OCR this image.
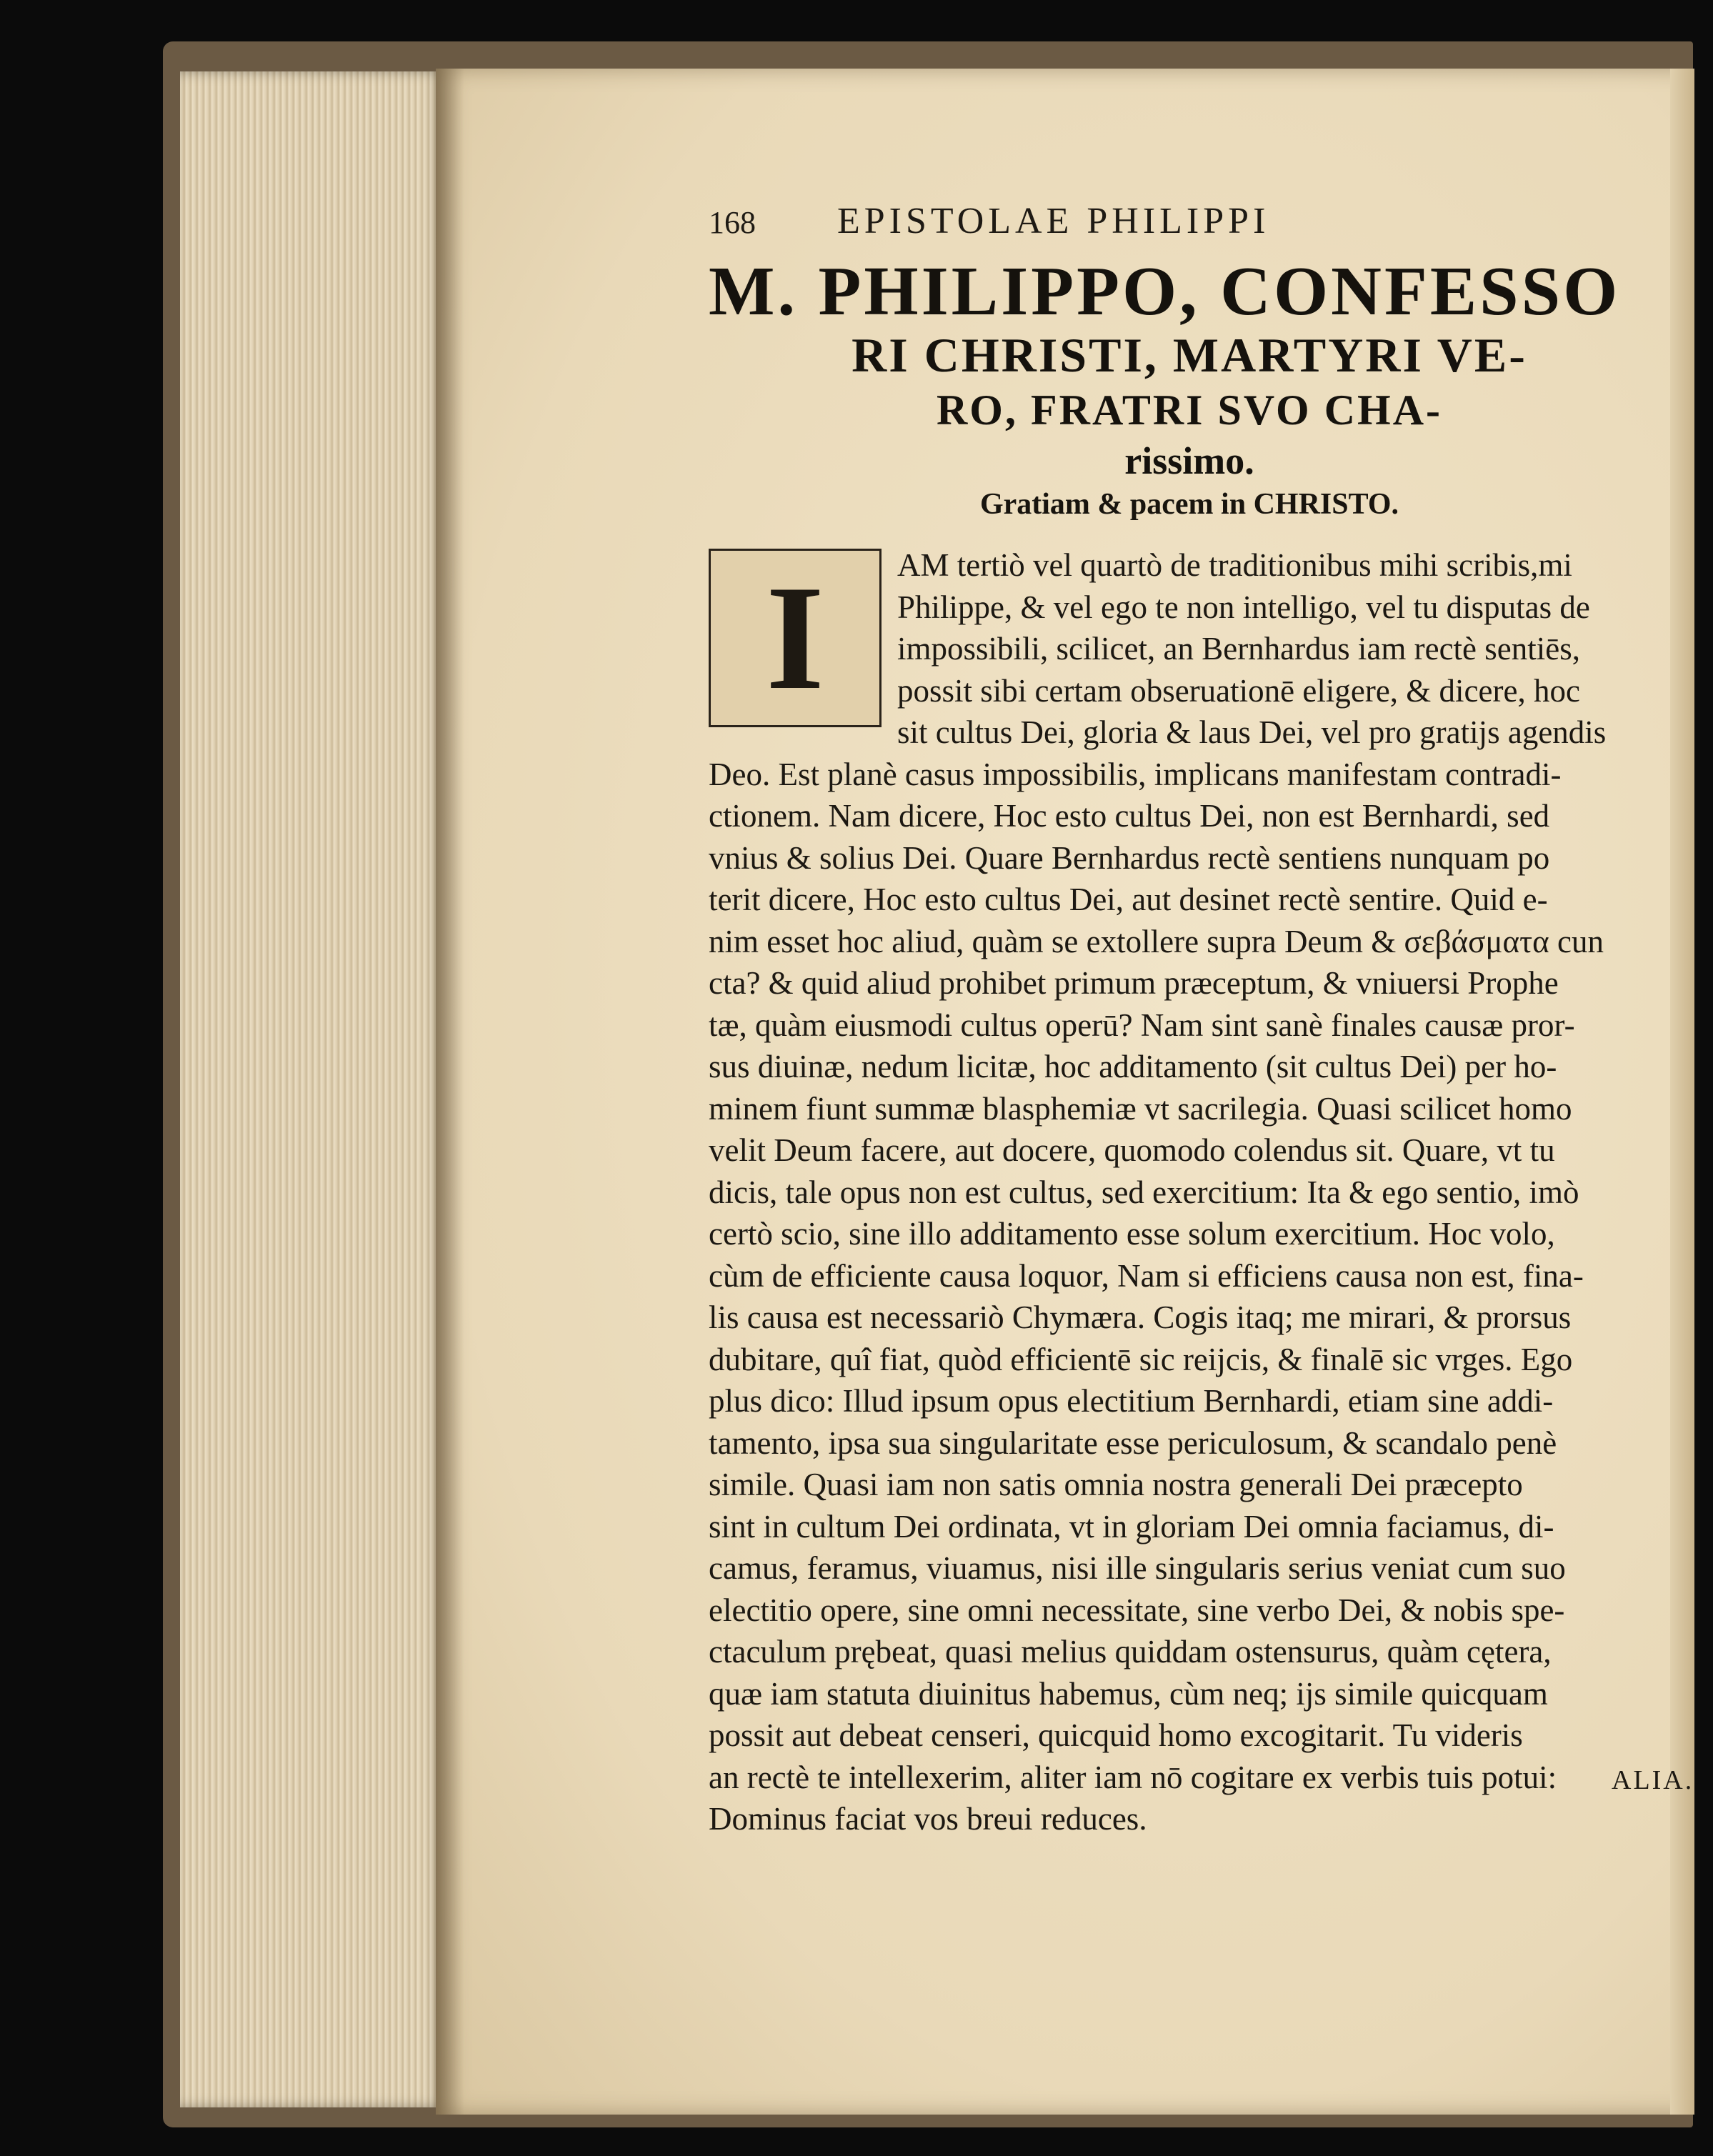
168 EPISTOLAE PHILIPPI
M. PHILIPPO, CONFESSO
RI CHRISTI, MARTYRI VE-
RO, FRATRI SVO CHA-
rissimo.
Gratiam & pacem in CHRISTO.
I AM tertiò vel quartò de traditionibus mihi scribis,mi
Philippe, & vel ego te non intelligo, vel tu disputas de
impossibili, scilicet, an Bernhardus iam rectè sentiēs,
possit sibi certam obseruationē eligere, & dicere, hoc
sit cultus Dei, gloria & laus Dei, vel pro gratijs agendis
Deo. Est planè casus impossibilis, implicans manifestam contradi-
ctionem. Nam dicere, Hoc esto cultus Dei, non est Bernhardi, sed
vnius & solius Dei. Quare Bernhardus rectè sentiens nunquam po
terit dicere, Hoc esto cultus Dei, aut desinet rectè sentire. Quid e-
nim esset hoc aliud, quàm se extollere supra Deum & σεβάσματα cun
cta? & quid aliud prohibet primum præceptum, & vniuersi Prophe
tæ, quàm eiusmodi cultus operū? Nam sint sanè finales causæ pror-
sus diuinæ, nedum licitæ, hoc additamento (sit cultus Dei) per ho-
minem fiunt summæ blasphemiæ vt sacrilegia. Quasi scilicet homo
velit Deum facere, aut docere, quomodo colendus sit. Quare, vt tu
dicis, tale opus non est cultus, sed exercitium: Ita & ego sentio, imò
certò scio, sine illo additamento esse solum exercitium. Hoc volo,
cùm de efficiente causa loquor, Nam si efficiens causa non est, fina-
lis causa est necessariò Chymæra. Cogis itaq; me mirari, & prorsus
dubitare, quî fiat, quòd efficientē sic reijcis, & finalē sic vrges. Ego
plus dico: Illud ipsum opus electitium Bernhardi, etiam sine addi-
tamento, ipsa sua singularitate esse periculosum, & scandalo penè
simile. Quasi iam non satis omnia nostra generali Dei præcepto
sint in cultum Dei ordinata, vt in gloriam Dei omnia faciamus, di-
camus, feramus, viuamus, nisi ille singularis serius veniat cum suo
electitio opere, sine omni necessitate, sine verbo Dei, & nobis spe-
ctaculum prębeat, quasi melius quiddam ostensurus, quàm cętera,
quæ iam statuta diuinitus habemus, cùm neq; ijs simile quicquam
possit aut debeat censeri, quicquid homo excogitarit. Tu videris
an rectè te intellexerim, aliter iam nō cogitare ex verbis tuis potui:
Dominus faciat vos breui reduces.
ALIA.
